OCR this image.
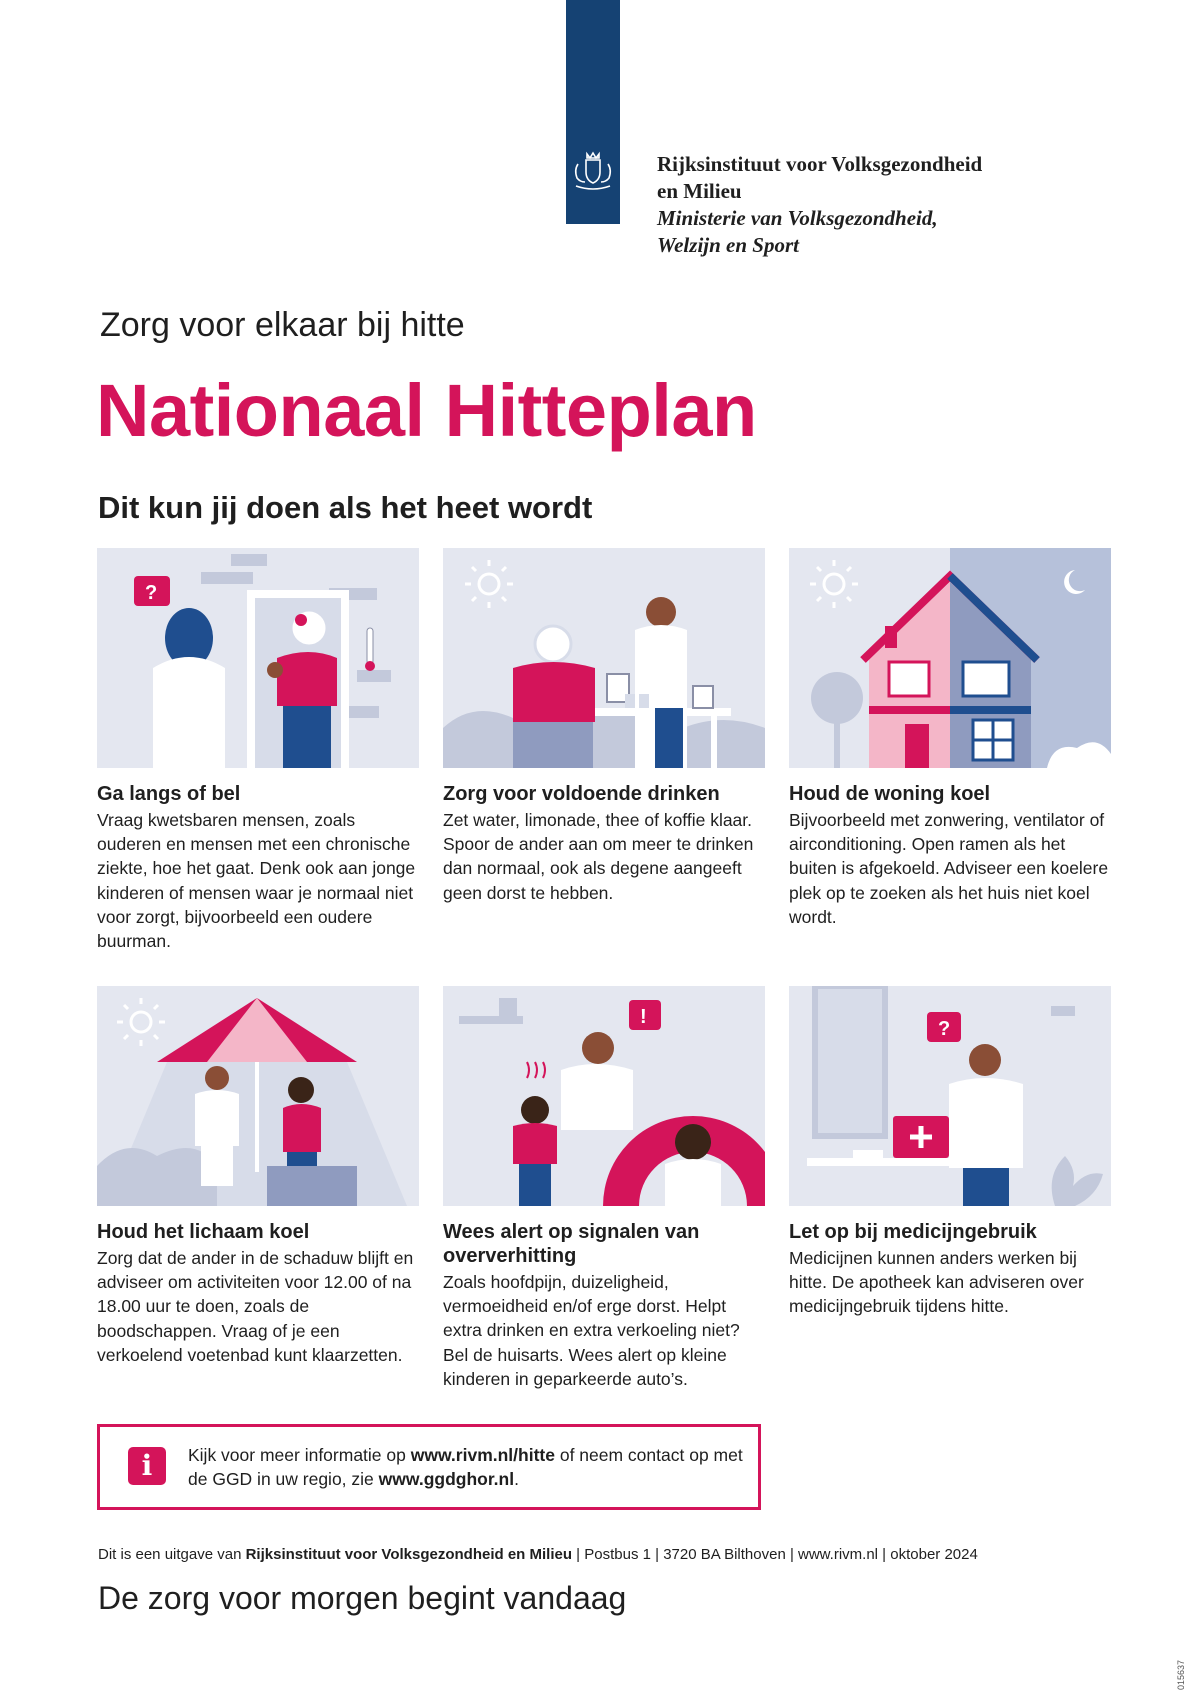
Rijksinstituut voor Volksgezondheid
en Milieu
Ministerie van Volksgezondheid,
Welzijn en Sport
Zorg voor elkaar bij hitte
Nationaal Hitteplan
Dit kun jij doen als het heet wordt
?
Ga langs of bel

Vraag kwetsbaren mensen, zoals ouderen en mensen met een chronische ziekte, hoe het gaat. Denk ook aan jonge kinderen of mensen waar je normaal niet voor zorgt, bijvoorbeeld een oudere buurman.

Zorg voor voldoende drinken

Zet water, limonade, thee of koffie klaar. Spoor de ander aan om meer te drinken dan normaal, ook als degene aangeeft geen dorst te hebben.

Houd de woning koel

Bijvoorbeeld met zonwering, ventilator of airconditioning. Open ramen als het buiten is afgekoeld. Adviseer een koelere plek op te zoeken als het huis niet koel wordt.

Houd het lichaam koel

Zorg dat de ander in de schaduw blijft en adviseer om activiteiten voor 12.00 of na 18.00 uur te doen, zoals de boodschappen. Vraag of je een verkoelend voetenbad kunt klaarzetten.

!
Wees alert op signalen van oververhitting

Zoals hoofdpijn, duizeligheid, vermoeidheid en/of erge dorst. Helpt extra drinken en extra verkoeling niet? Bel de huisarts. Wees alert op kleine kinderen in geparkeerde auto’s.

?
Let op bij medicijngebruik

Medicijnen kunnen anders werken bij hitte. De apotheek kan adviseren over medicijngebruik tijdens hitte.

i	Kijk voor meer informatie op www.rivm.nl/hitte of neem contact op met de GGD in uw regio, zie www.ggdghor.nl.
Dit is een uitgave van Rijksinstituut voor Volksgezondheid en Milieu | Postbus 1 | 3720 BA Bilthoven | www.rivm.nl | oktober 2024
De zorg voor morgen begint vandaag
015637
